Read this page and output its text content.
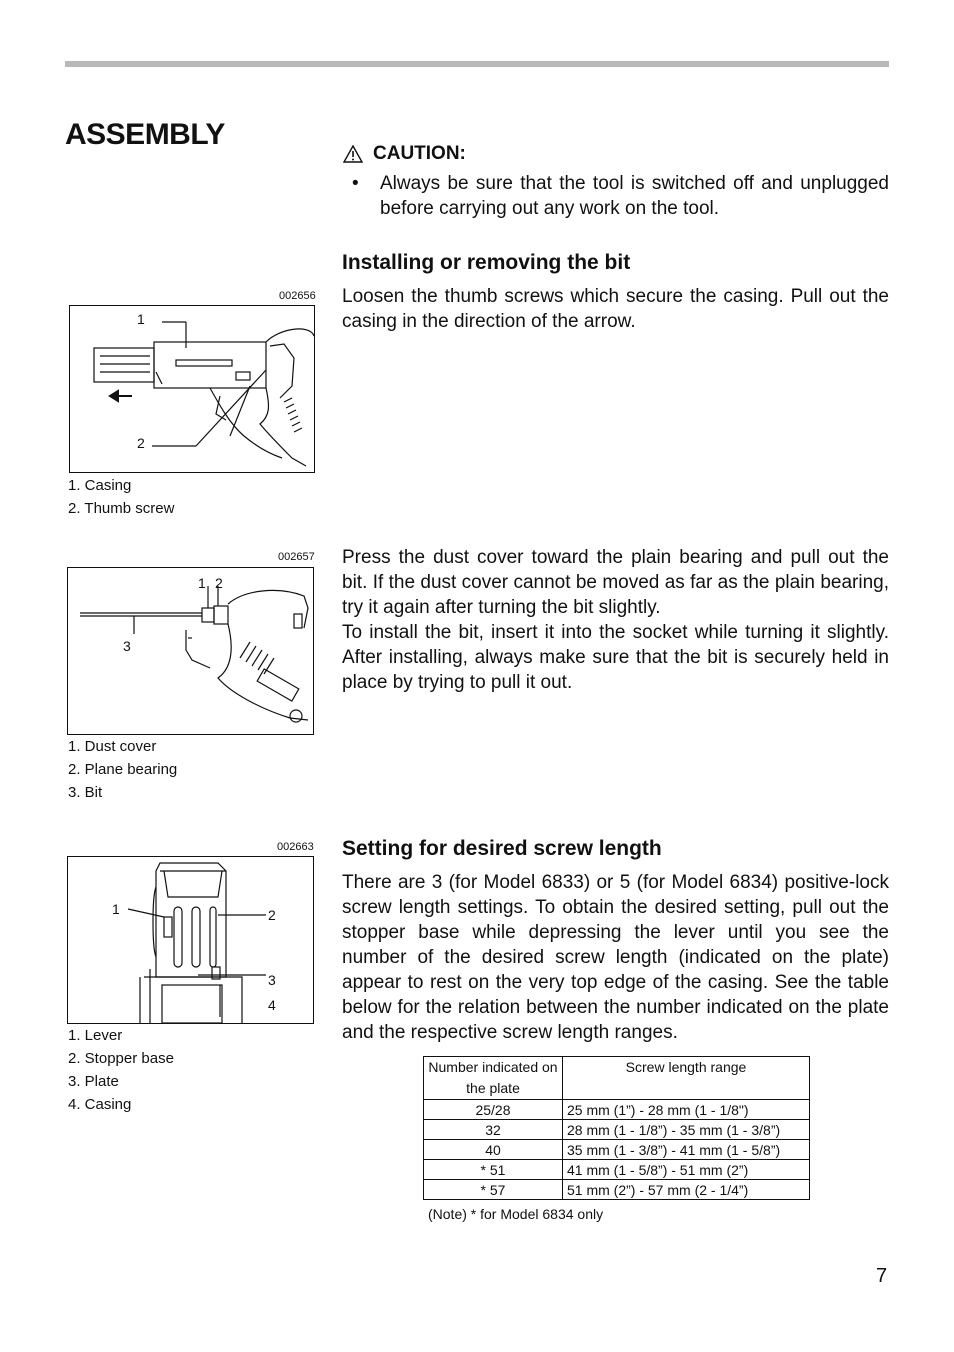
ASSEMBLY
CAUTION:
•	Always be sure that the tool is switched off and unplugged before carrying out any work on the tool.
Installing or removing the bit
Loosen the thumb screws which secure the casing. Pull out the casing in the direction of the arrow.
002656
1
2
1. Casing
2. Thumb screw
Press the dust cover toward the plain bearing and pull out the bit. If the dust cover cannot be moved as far as the plain bearing, try it again after turning the bit slightly.
To install the bit, insert it into the socket while turning it slightly. After installing, always make sure that the bit is securely held in place by trying to pull it out.
002657
1 2
3
1. Dust cover
2. Plane bearing
3. Bit
Setting for desired screw length
There are 3 (for Model 6833) or 5 (for Model 6834) positive-lock screw length settings. To obtain the desired setting, pull out the stopper base while depressing the lever until you see the number of the desired screw length (indicated on the plate) appear to rest on the very top edge of the casing. See the table below for the relation between the number indicated on the plate and the respective screw length ranges.
002663
1	2
3
4
1. Lever
2. Stopper base
3. Plate
4. Casing
Number indicated on the plate	Screw length range
25/28	25 mm (1”) - 28 mm (1 - 1/8")
32	28 mm (1 - 1/8”) - 35 mm (1 - 3/8”)
40	35 mm (1 - 3/8”) - 41 mm (1 - 5/8”)
* 51	41 mm (1 - 5/8”) - 51 mm (2”)
* 57	51 mm (2”) - 57 mm (2 - 1/4”)
(Note) * for Model 6834 only
7
